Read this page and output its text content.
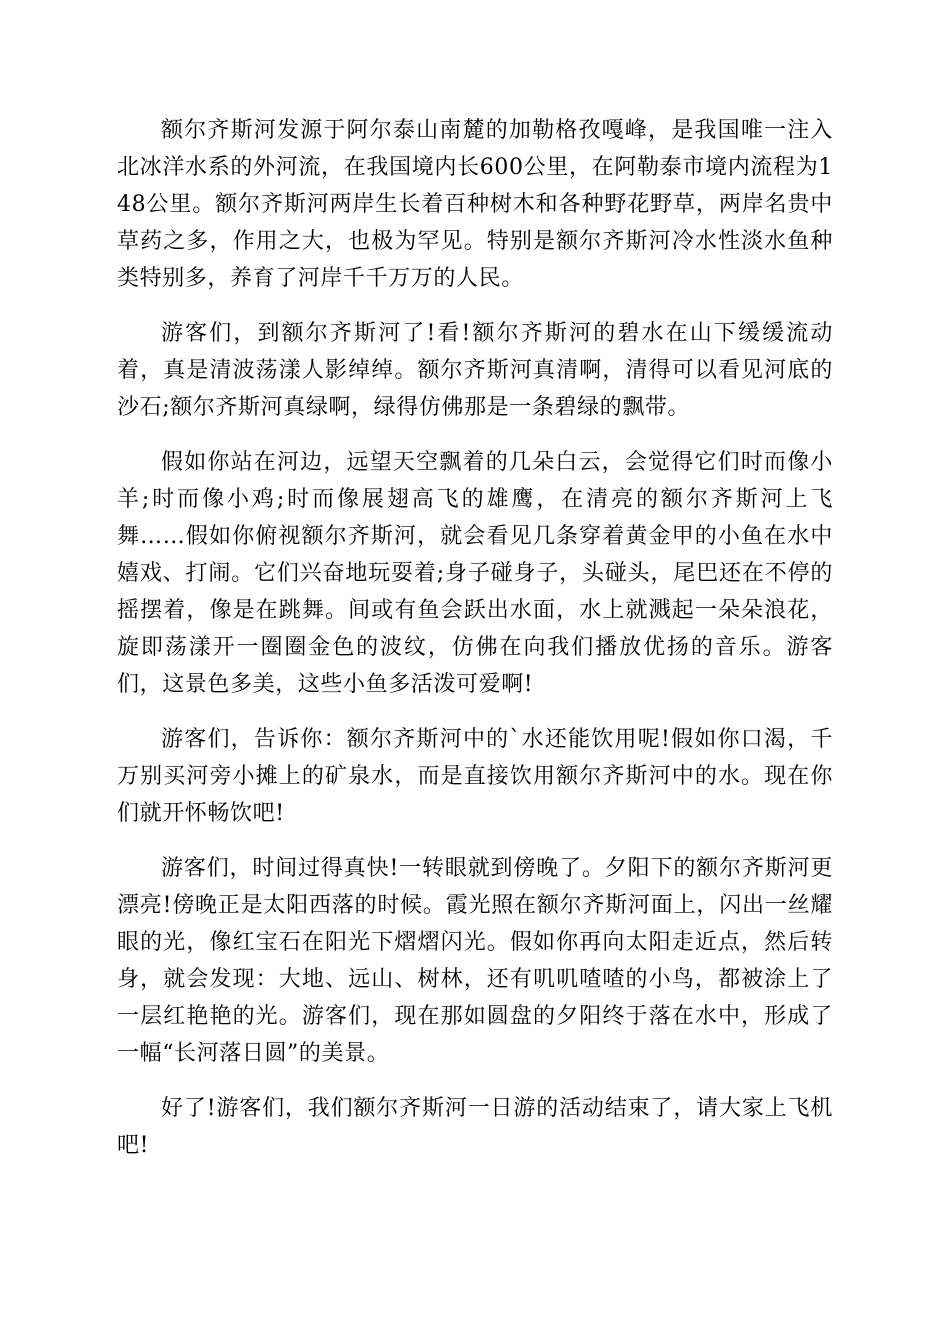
额尔齐斯河发源于阿尔泰山南麓的加勒格孜嘎峰，是我国唯一注入北冰洋水系的外河流，在我国境内长600公里，在阿勒泰市境内流程为148公里。额尔齐斯河两岸生长着百种树木和各种野花野草，两岸名贵中草药之多，作用之大，也极为罕见。特别是额尔齐斯河冷水性淡水鱼种类特别多，养育了河岸千千万万的人民。

游客们，到额尔齐斯河了!看!额尔齐斯河的碧水在山下缓缓流动着，真是清波荡漾人影绰绰。额尔齐斯河真清啊，清得可以看见河底的沙石;额尔齐斯河真绿啊，绿得仿佛那是一条碧绿的飘带。

假如你站在河边，远望天空飘着的几朵白云，会觉得它们时而像小羊;时而像小鸡;时而像展翅高飞的雄鹰，在清亮的额尔齐斯河上飞舞……假如你俯视额尔齐斯河，就会看见几条穿着黄金甲的小鱼在水中嬉戏、打闹。它们兴奋地玩耍着;身子碰身子，头碰头，尾巴还在不停的摇摆着，像是在跳舞。间或有鱼会跃出水面，水上就溅起一朵朵浪花，旋即荡漾开一圈圈金色的波纹，仿佛在向我们播放优扬的音乐。游客们，这景色多美，这些小鱼多活泼可爱啊!

游客们，告诉你：额尔齐斯河中的`水还能饮用呢!假如你口渴，千万别买河旁小摊上的矿泉水，而是直接饮用额尔齐斯河中的水。现在你们就开怀畅饮吧!

游客们，时间过得真快!一转眼就到傍晚了。夕阳下的额尔齐斯河更漂亮!傍晚正是太阳西落的时候。霞光照在额尔齐斯河面上，闪出一丝耀眼的光，像红宝石在阳光下熠熠闪光。假如你再向太阳走近点，然后转身，就会发现：大地、远山、树林，还有叽叽喳喳的小鸟，都被涂上了一层红艳艳的光。游客们，现在那如圆盘的夕阳终于落在水中，形成了一幅“长河落日圆”的美景。

好了!游客们，我们额尔齐斯河一日游的活动结束了，请大家上飞机吧!
